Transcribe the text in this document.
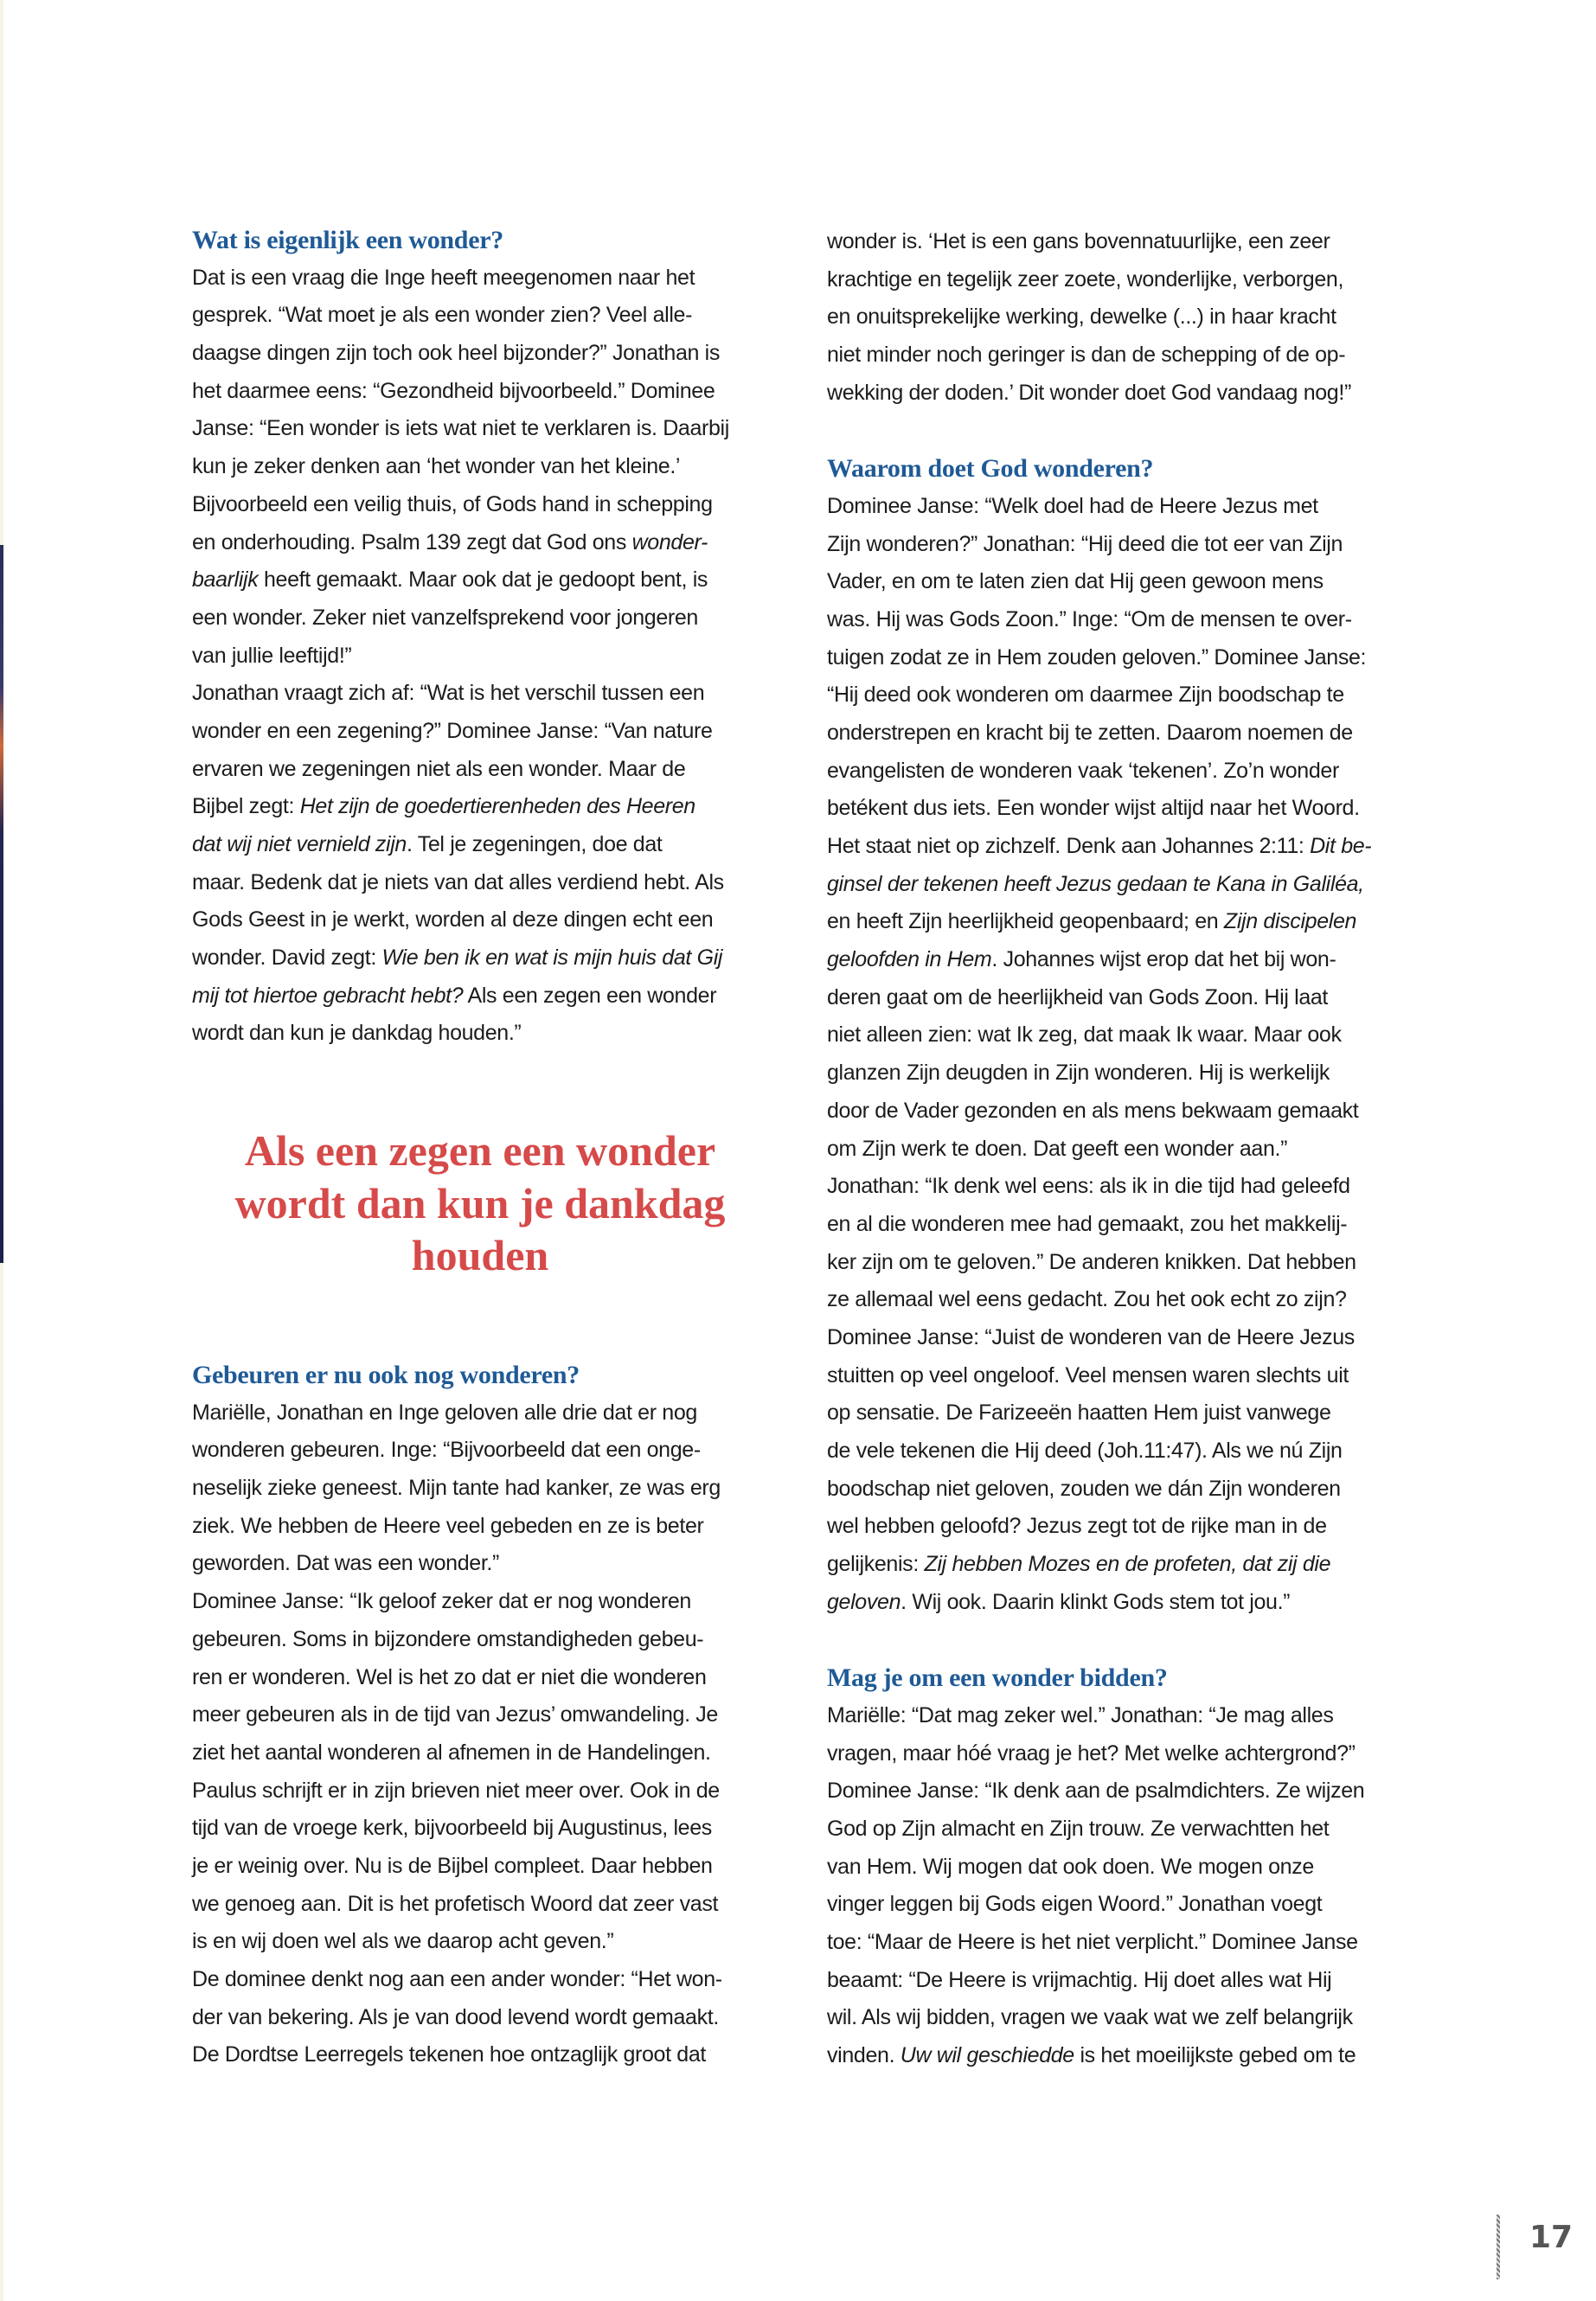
Wat is eigenlijk een wonder?
Dat is een vraag die Inge heeft meegenomen naar het
gesprek. “Wat moet je als een wonder zien? Veel alle-
daagse dingen zijn toch ook heel bijzonder?” Jonathan is
het daarmee eens: “Gezondheid bijvoorbeeld.” Dominee
Janse: “Een wonder is iets wat niet te verklaren is. Daarbij
kun je zeker denken aan ‘het wonder van het kleine.’
Bijvoorbeeld een veilig thuis, of Gods hand in schepping
en onderhouding. Psalm 139 zegt dat God ons wonder-
baarlijk heeft gemaakt. Maar ook dat je gedoopt bent, is
een wonder. Zeker niet vanzelfsprekend voor jongeren
van jullie leeftijd!”
Jonathan vraagt zich af: “Wat is het verschil tussen een
wonder en een zegening?” Dominee Janse: “Van nature
ervaren we zegeningen niet als een wonder. Maar de
Bijbel zegt: Het zijn de goedertierenheden des Heeren
dat wij niet vernield zijn. Tel je zegeningen, doe dat
maar. Bedenk dat je niets van dat alles verdiend hebt. Als
Gods Geest in je werkt, worden al deze dingen echt een
wonder. David zegt: Wie ben ik en wat is mijn huis dat Gij
mij tot hiertoe gebracht hebt? Als een zegen een wonder
wordt dan kun je dankdag houden.”
Als een zegen een wonder
wordt dan kun je dankdag
houden
Gebeuren er nu ook nog wonderen?
Mariëlle, Jonathan en Inge geloven alle drie dat er nog
wonderen gebeuren. Inge: “Bijvoorbeeld dat een onge-
neselijk zieke geneest. Mijn tante had kanker, ze was erg
ziek. We hebben de Heere veel gebeden en ze is beter
geworden. Dat was een wonder.”
Dominee Janse: “Ik geloof zeker dat er nog wonderen
gebeuren. Soms in bijzondere omstandigheden gebeu-
ren er wonderen. Wel is het zo dat er niet die wonderen
meer gebeuren als in de tijd van Jezus’ omwandeling. Je
ziet het aantal wonderen al afnemen in de Handelingen.
Paulus schrijft er in zijn brieven niet meer over. Ook in de
tijd van de vroege kerk, bijvoorbeeld bij Augustinus, lees
je er weinig over. Nu is de Bijbel compleet. Daar hebben
we genoeg aan. Dit is het profetisch Woord dat zeer vast
is en wij doen wel als we daarop acht geven.”
De dominee denkt nog aan een ander wonder: “Het won-
der van bekering. Als je van dood levend wordt gemaakt.
De Dordtse Leerregels tekenen hoe ontzaglijk groot dat
wonder is. ‘Het is een gans bovennatuurlijke, een zeer
krachtige en tegelijk zeer zoete, wonderlijke, verborgen,
en onuitsprekelijke werking, dewelke (...) in haar kracht
niet minder noch geringer is dan de schepping of de op-
wekking der doden.’ Dit wonder doet God vandaag nog!”
Waarom doet God wonderen?
Dominee Janse: “Welk doel had de Heere Jezus met
Zijn wonderen?” Jonathan: “Hij deed die tot eer van Zijn
Vader, en om te laten zien dat Hij geen gewoon mens
was. Hij was Gods Zoon.” Inge: “Om de mensen te over-
tuigen zodat ze in Hem zouden geloven.” Dominee Janse:
“Hij deed ook wonderen om daarmee Zijn boodschap te
onderstrepen en kracht bij te zetten. Daarom noemen de
evangelisten de wonderen vaak ‘tekenen’. Zo’n wonder
betékent dus iets. Een wonder wijst altijd naar het Woord.
Het staat niet op zichzelf. Denk aan Johannes 2:11: Dit be-
ginsel der tekenen heeft Jezus gedaan te Kana in Galiléa,
en heeft Zijn heerlijkheid geopenbaard; en Zijn discipelen
geloofden in Hem. Johannes wijst erop dat het bij won-
deren gaat om de heerlijkheid van Gods Zoon. Hij laat
niet alleen zien: wat Ik zeg, dat maak Ik waar. Maar ook
glanzen Zijn deugden in Zijn wonderen. Hij is werkelijk
door de Vader gezonden en als mens bekwaam gemaakt
om Zijn werk te doen. Dat geeft een wonder aan.”
Jonathan: “Ik denk wel eens: als ik in die tijd had geleefd
en al die wonderen mee had gemaakt, zou het makkelij-
ker zijn om te geloven.” De anderen knikken. Dat hebben
ze allemaal wel eens gedacht. Zou het ook echt zo zijn?
Dominee Janse: “Juist de wonderen van de Heere Jezus
stuitten op veel ongeloof. Veel mensen waren slechts uit
op sensatie. De Farizeeën haatten Hem juist vanwege
de vele tekenen die Hij deed (Joh.11:47). Als we nú Zijn
boodschap niet geloven, zouden we dán Zijn wonderen
wel hebben geloofd? Jezus zegt tot de rijke man in de
gelijkenis: Zij hebben Mozes en de profeten, dat zij die
geloven. Wij ook. Daarin klinkt Gods stem tot jou.”
Mag je om een wonder bidden?
Mariëlle: “Dat mag zeker wel.” Jonathan: “Je mag alles
vragen, maar hóé vraag je het? Met welke achtergrond?”
Dominee Janse: “Ik denk aan de psalmdichters. Ze wijzen
God op Zijn almacht en Zijn trouw. Ze verwachtten het
van Hem. Wij mogen dat ook doen. We mogen onze
vinger leggen bij Gods eigen Woord.” Jonathan voegt
toe: “Maar de Heere is het niet verplicht.” Dominee Janse
beaamt: “De Heere is vrijmachtig. Hij doet alles wat Hij
wil. Als wij bidden, vragen we vaak wat we zelf belangrijk
vinden. Uw wil geschiedde is het moeilijkste gebed om te
17
